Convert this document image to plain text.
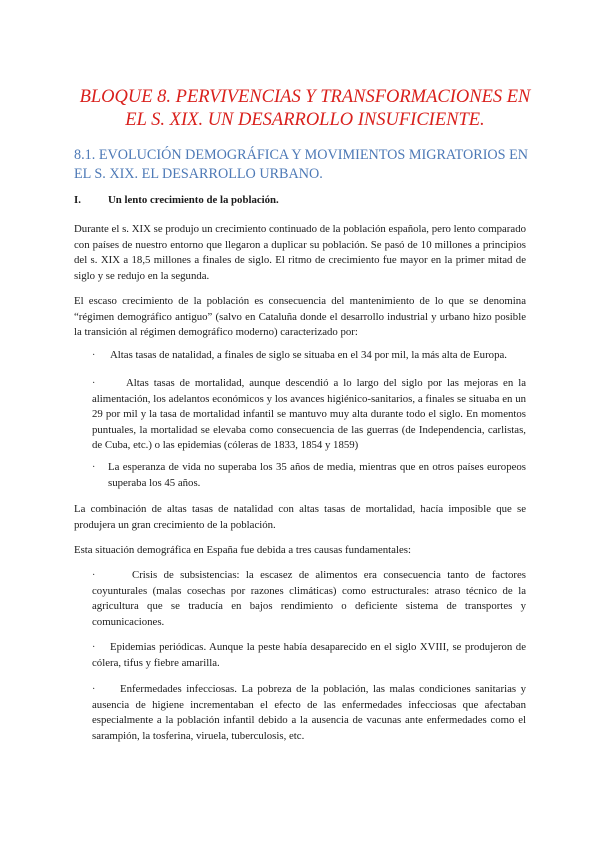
BLOQUE 8. PERVIVENCIAS Y TRANSFORMACIONES EN EL S. XIX. UN DESARROLLO INSUFICIENTE.
8.1. EVOLUCIÓN DEMOGRÁFICA Y MOVIMIENTOS MIGRATORIOS EN EL S. XIX. EL DESARROLLO URBANO.
I.	Un lento crecimiento de la población.

Durante el s. XIX se produjo un crecimiento continuado de la población española, pero lento comparado con países de nuestro entorno que llegaron a duplicar su población. Se pasó de 10 millones a principios del s. XIX a 18,5 millones a finales de siglo. El ritmo de crecimiento fue mayor en la primer mitad de siglo y se redujo en la segunda.

El escaso crecimiento de la población es consecuencia del mantenimiento de lo que se denomina “régimen demográfico antiguo” (salvo en Cataluña donde el desarrollo industrial y urbano hizo posible la transición al régimen demográfico moderno) caracterizado por:

·	Altas tasas de natalidad, a finales de siglo se situaba en el 34 por mil, la más alta de Europa.
·	Altas tasas de mortalidad, aunque descendió a lo largo del siglo por las mejoras en la alimentación, los adelantos económicos y los avances higiénico-sanitarios, a finales se situaba en un 29 por mil y la tasa de mortalidad infantil se mantuvo muy alta durante todo el siglo. En momentos puntuales, la mortalidad se elevaba como consecuencia de las guerras (de Independencia, carlistas, de Cuba, etc.) o las epidemias (cóleras de 1833, 1854 y 1859)
·	La esperanza de vida no superaba los 35 años de media, mientras que en otros países europeos superaba los 45 años.

La combinación de altas tasas de natalidad con altas tasas de mortalidad, hacía imposible que se produjera un gran crecimiento de la población.

Esta situación demográfica en España fue debida a tres causas fundamentales:

·	Crisis de subsistencias: la escasez de alimentos era consecuencia tanto de factores coyunturales (malas cosechas por razones climáticas) como estructurales: atraso técnico de la agricultura que se traducía en bajos rendimiento o deficiente sistema de transportes y comunicaciones.
·	Epidemias periódicas. Aunque la peste había desaparecido en el siglo XVIII, se produjeron de cólera, tifus y fiebre amarilla.
·	Enfermedades infecciosas. La pobreza de la población, las malas condiciones sanitarias y ausencia de higiene incrementaban el efecto de las enfermedades infecciosas que afectaban especialmente a la población infantil debido a la ausencia de vacunas ante enfermedades como el sarampión, la tosferina, viruela, tuberculosis, etc.
